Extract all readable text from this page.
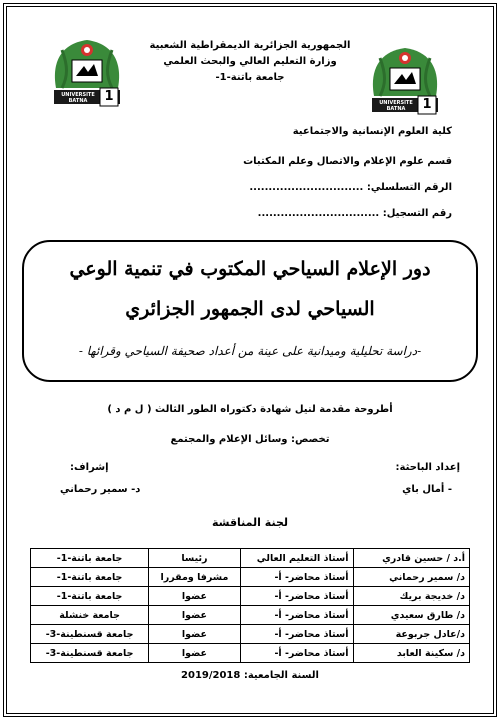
UNIVERSITE BATNA	1	UNIVERSITE BATNA	1
الجمهورية الجزائرية الديمقراطية الشعبية
وزارة التعليم العالي والبحث العلمي
جامعة باتنة-1-
كلية العلوم الإنسانية والاجتماعية
قسم علوم الإعلام والاتصال وعلم المكتبات
الرقم التسلسلي: ..............................
رقم التسجيل: ................................
دور الإعلام السياحي المكتوب في تنمية الوعي
السياحي لدى الجمهور الجزائري
-دراسة تحليلية وميدانية على عينة من أعداد صحيفة السياحي وقرائها -
أطروحة مقدمة لنيل شهادة دكتوراه الطور الثالث ( ل م د )
تخصص: وسائل الإعلام والمجتمع
إعداد الباحثة:
- أمال باي
إشراف:
د- سمير رحماني
لجنة المناقشة
أ.د / حسين قادري	أستاذ التعليم العالي	رئيسا	جامعة باتنة-1-
د/ سمير رحماني	أستاذ محاضر- أ-	مشرفا ومقررا	جامعة باتنة-1-
د/ خديجة بريك	أستاذ محاضر- أ-	عضوا	جامعة باتنة-1-
د/ طارق سعيدي	أستاذ محاضر- أ-	عضوا	جامعة خنشلة
د/عادل جربوعة	أستاذ محاضر- أ-	عضوا	جامعة قسنطينة-3-
د/ سكينة العابد	أستاذ محاضر- أ-	عضوا	جامعة قسنطينة-3-
السنة الجامعية: 2019/2018
